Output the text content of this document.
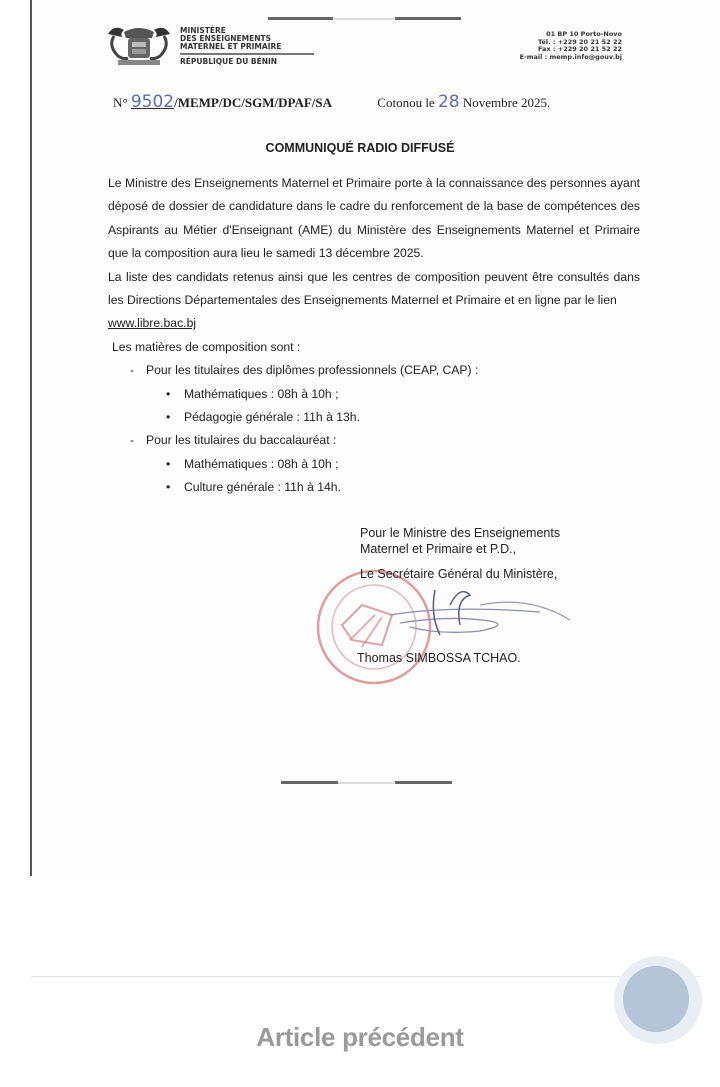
MINISTÈRE
DES ENSEIGNEMENTS
MATERNEL ET PRIMAIRE
RÉPUBLIQUE DU BÉNIN
01 BP 10 Porto-Novo
Tél. : +229 20 21 52 22
Fax : +229 20 21 52 22
E-mail : memp.info@gouv.bj
N° 9502/MEMP/DC/SGM/DPAF/SA	Cotonou le 28 Novembre 2025.
COMMUNIQUÉ RADIO DIFFUSÉ

Le Ministre des Enseignements Maternel et Primaire porte à la connaissance des personnes ayant déposé de dossier de candidature dans le cadre du renforcement de la base de compétences des Aspirants au Métier d'Enseignant (AME) du Ministère des Enseignements Maternel et Primaire que la composition aura lieu le samedi 13 décembre 2025.

La liste des candidats retenus ainsi que les centres de composition peuvent être consultés dans les Directions Départementales des Enseignements Maternel et Primaire et en ligne par le lien

www.libre.bac.bj
Les matières de composition sont :
- Pour les titulaires des diplômes professionnels (CEAP, CAP) :
• Mathématiques : 08h à 10h ;
• Pédagogie générale : 11h à 13h.
- Pour les titulaires du baccalauréat :
• Mathématiques : 08h à 10h ;
• Culture générale : 11h à 14h.
Pour le Ministre des Enseignements
Maternel et Primaire et P.D.,
Le Secrétaire Général du Ministère,
Thomas SIMBOSSA TCHAO.
Article précédent
